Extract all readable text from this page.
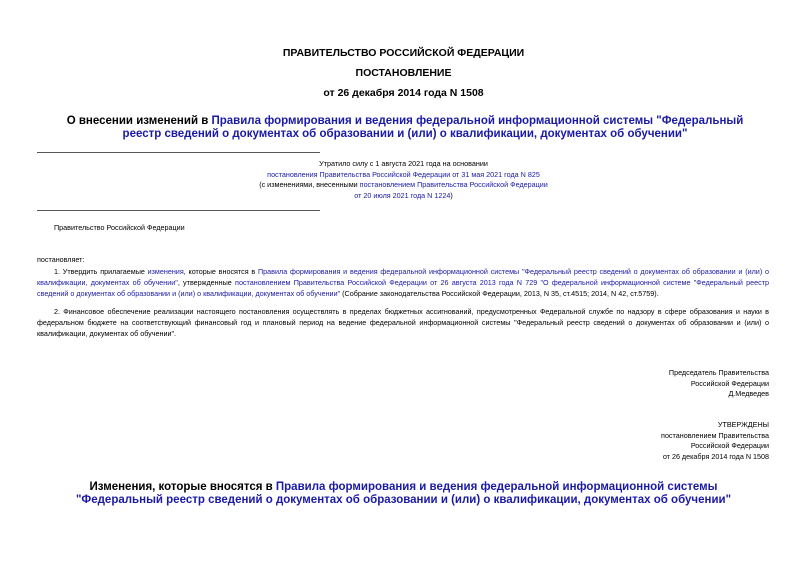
ПРАВИТЕЛЬСТВО РОССИЙСКОЙ ФЕДЕРАЦИИ
ПОСТАНОВЛЕНИЕ
от 26 декабря 2014 года N 1508
О внесении изменений в Правила формирования и ведения федеральной информационной системы "Федеральный реестр сведений о документах об образовании и (или) о квалификации, документах об обучении"
Утратило силу с 1 августа 2021 года на основании
постановления Правительства Российской Федерации от 31 мая 2021 года N 825
(с изменениями, внесенными постановлением Правительства Российской Федерации
от 20 июля 2021 года N 1224)
Правительство Российской Федерации
постановляет:
1. Утвердить прилагаемые изменения, которые вносятся в Правила формирования и ведения федеральной информационной системы "Федеральный реестр сведений о документах об образовании и (или) о квалификации, документах об обучении", утвержденные постановлением Правительства Российской Федерации от 26 августа 2013 года N 729 "О федеральной информационной системе "Федеральный реестр сведений о документах об образовании и (или) о квалификации, документах об обучении" (Собрание законодательства Российской Федерации, 2013, N 35, ст.4515; 2014, N 42, ст.5759).
2. Финансовое обеспечение реализации настоящего постановления осуществлять в пределах бюджетных ассигнований, предусмотренных Федеральной службе по надзору в сфере образования и науки в федеральном бюджете на соответствующий финансовый год и плановый период на ведение федеральной информационной системы "Федеральный реестр сведений о документах об образовании и (или) о квалификации, документах об обучении".
Председатель Правительства
Российской Федерации
Д.Медведев
УТВЕРЖДЕНЫ
постановлением Правительства
Российской Федерации
от 26 декабря 2014 года N 1508
Изменения, которые вносятся в Правила формирования и ведения федеральной информационной системы "Федеральный реестр сведений о документах об образовании и (или) о квалификации, документах об обучении"
